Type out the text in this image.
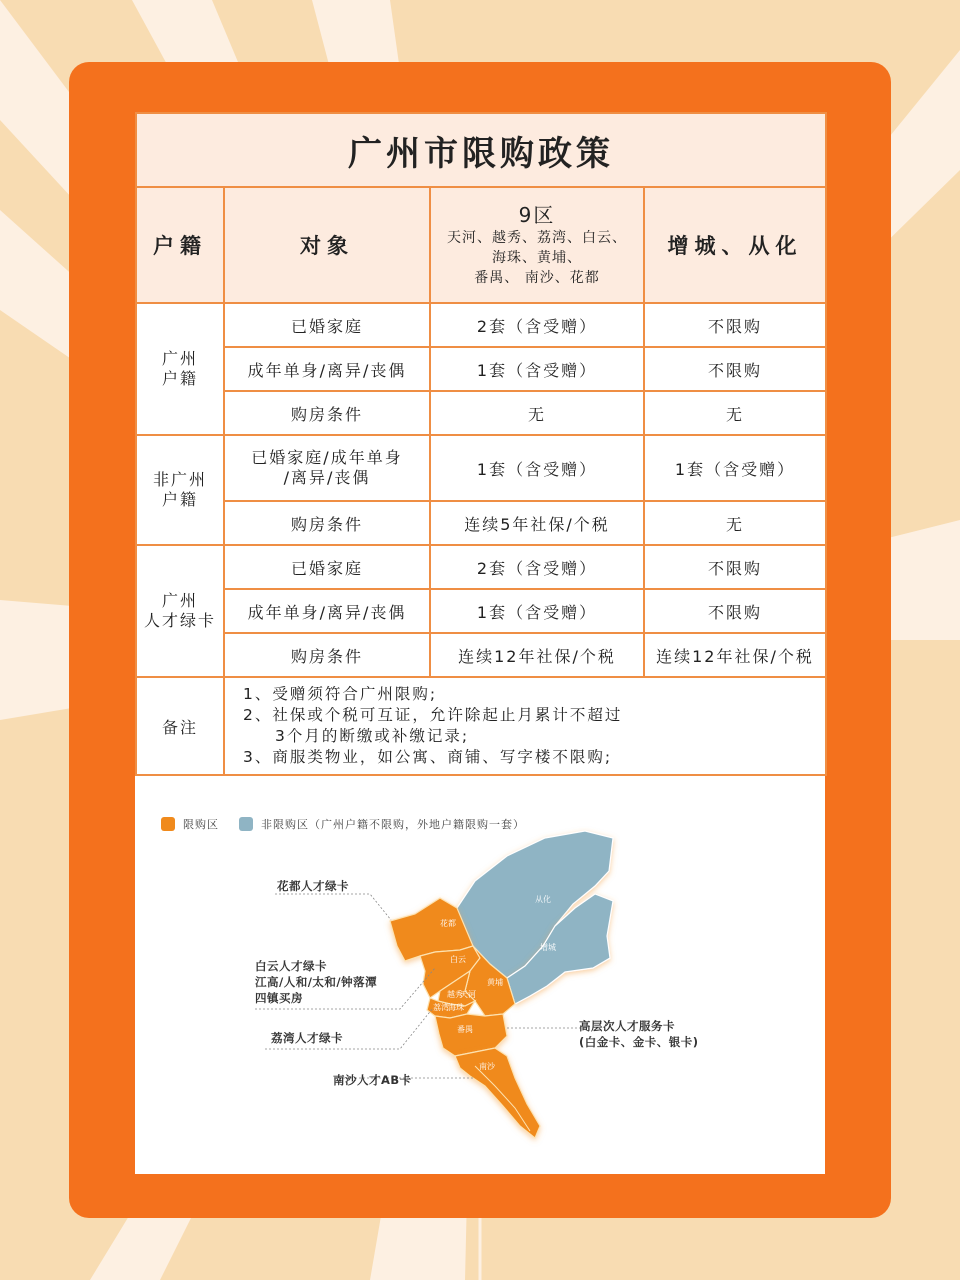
广州市限购政策			
户籍	对象	9区
天河、越秀、荔湾、白云、
海珠、黄埔、
番禺、 南沙、花都	增城、从化
广州
户籍	已婚家庭	2套（含受赠）	不限购
	成年单身/离异/丧偶	1套（含受赠）	不限购
	购房条件	无	无
非广州
户籍	已婚家庭/成年单身
/离异/丧偶	1套（含受赠）	1套（含受赠）
	购房条件	连续5年社保/个税	无
广州
人才绿卡	已婚家庭	2套（含受赠）	不限购
	成年单身/离异/丧偶	1套（含受赠）	不限购
	购房条件	连续12年社保/个税	连续12年社保/个税
备注	1、受赠须符合广州限购;
2、社保或个税可互证，允许除起止月累计不超过
3个月的断缴或补缴记录;
3、商服类物业，如公寓、商铺、写字楼不限购;		
限购区	非限购区（广州户籍不限购，外地户籍限购一套）
从化
增城
花都
白云
黄埔
越秀
天河
荔湾 海珠
番禺
南沙
花都人才绿卡
白云人才绿卡
江高/人和/太和/钟落潭
四镇买房
荔湾人才绿卡
南沙人才AB卡
高层次人才服务卡
(白金卡、金卡、银卡)
